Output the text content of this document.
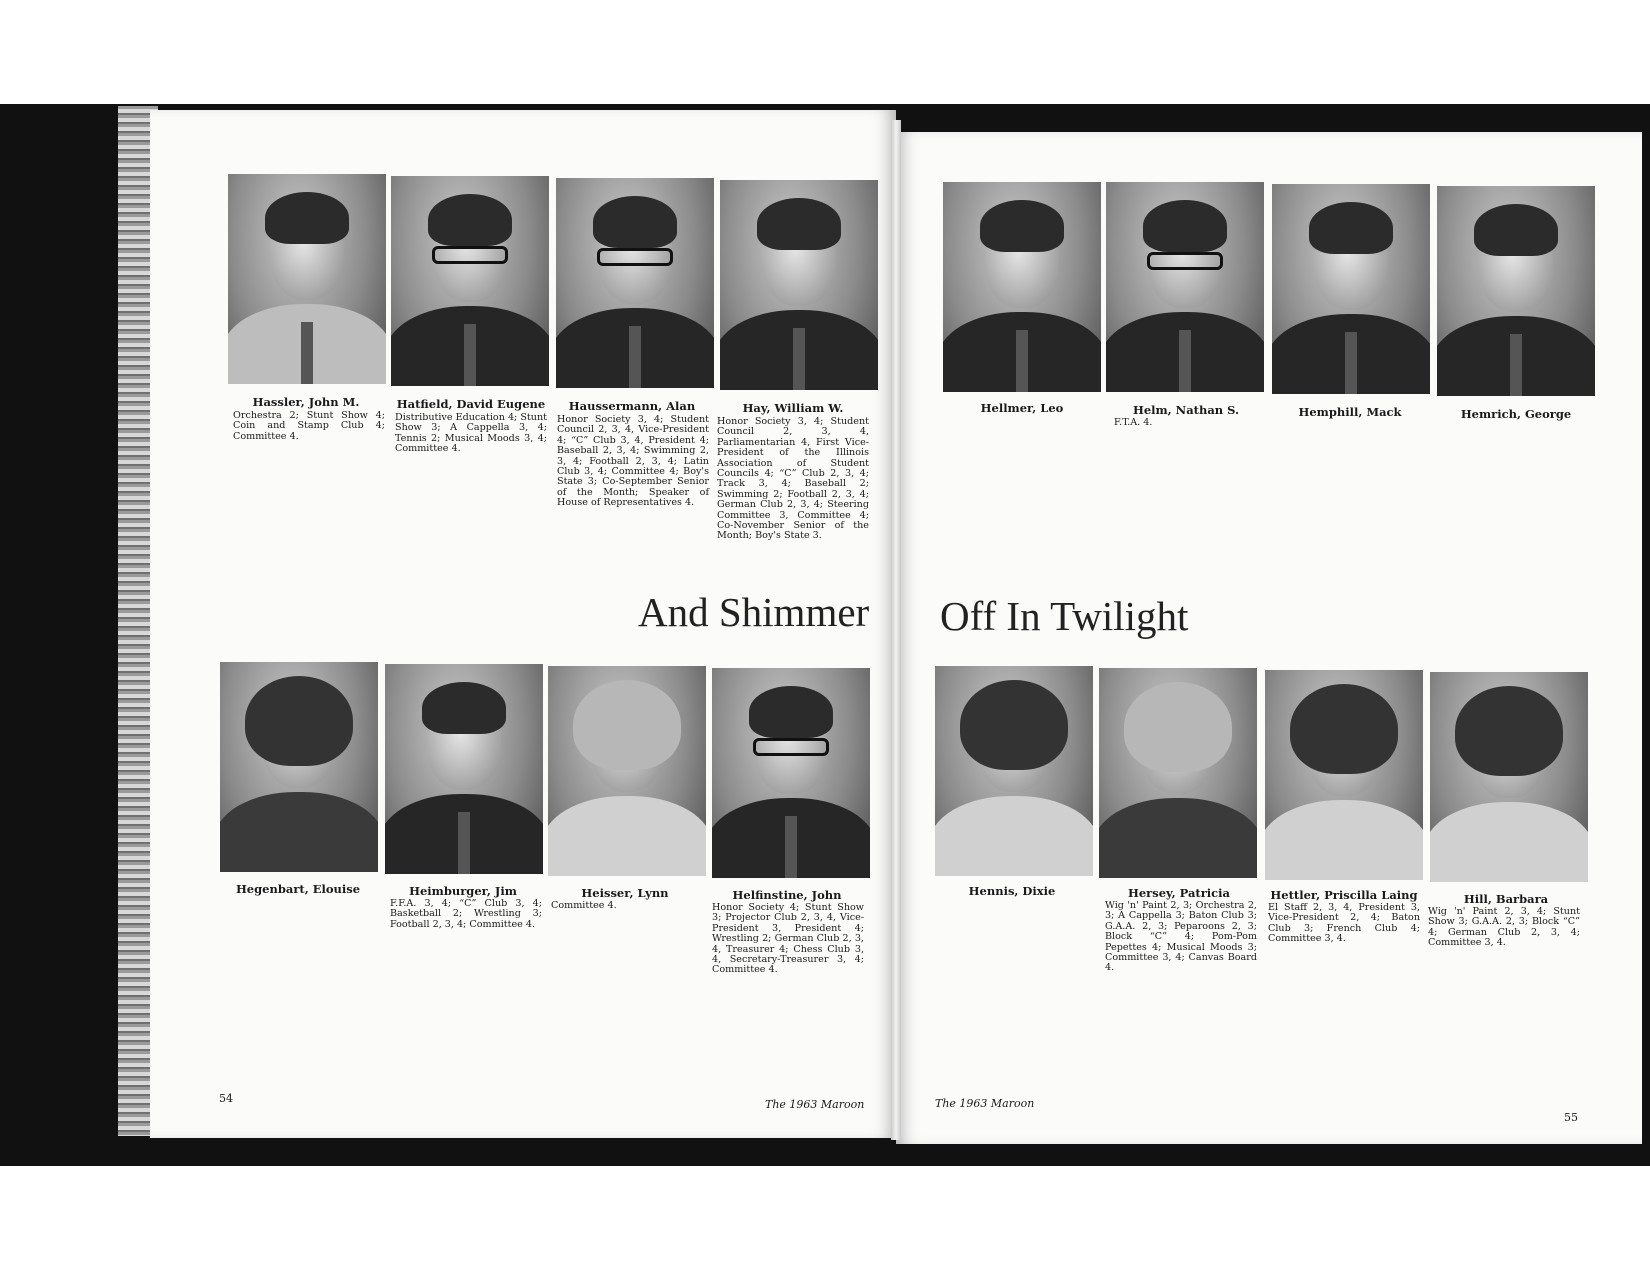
Hassler, John M.
Orchestra 2; Stunt Show 4; Coin and Stamp Club 4; Committee 4.
Hatfield, David Eugene
Distributive Education 4; Stunt Show 3; A Cappella 3, 4; Tennis 2; Musical Moods 3, 4; Committee 4.
Haussermann, Alan
Honor Society 3, 4; Student Council 2, 3, 4, Vice-President 4; “C” Club 3, 4, President 4; Baseball 2, 3, 4; Swimming 2, 3, 4; Football 2, 3, 4; Latin Club 3, 4; Committee 4; Boy's State 3; Co-September Senior of the Month; Speaker of House of Representatives 4.
Hay, William W.
Honor Society 3, 4; Student Council 2, 3, 4, Parliamentarian 4, First Vice-President of the Illinois Association of Student Councils 4; “C” Club 2, 3, 4; Track 3, 4; Baseball 2; Swimming 2; Football 2, 3, 4; German Club 2, 3, 4; Steering Committee 3, Committee 4; Co-November Senior of the Month; Boy's State 3.
Hellmer, Leo	Helm, Nathan S.
F.T.A. 4.
Hemphill, Mack	Hemrich, George
And Shimmer Off In Twilight
Hegenbart, Elouise	Heimburger, Jim
F.F.A. 3, 4; “C” Club 3, 4; Basketball 2; Wrestling 3; Football 2, 3, 4; Committee 4.
Heisser, Lynn
Committee 4.
Helfinstine, John
Honor Society 4; Stunt Show 3; Projector Club 2, 3, 4, Vice-President 3, President 4; Wrestling 2; German Club 2, 3, 4, Treasurer 4; Chess Club 3, 4, Secretary-Treasurer 3, 4; Committee 4.
Hennis, Dixie	Hersey, Patricia
Wig 'n' Paint 2, 3; Orchestra 2, 3; A Cappella 3; Baton Club 3; G.A.A. 2, 3; Peparoons 2, 3; Block “C” 4; Pom-Pom Pepettes 4; Musical Moods 3; Committee 3, 4; Canvas Board 4.
Hettler, Priscilla Laing
El Staff 2, 3, 4, President 3, Vice-President 2, 4; Baton Club 3; French Club 4; Committee 3, 4.
Hill, Barbara
Wig 'n' Paint 2, 3, 4; Stunt Show 3; G.A.A. 2, 3; Block “C” 4; German Club 2, 3, 4; Committee 3, 4.
54	The 1963 Maroon	The 1963 Maroon
55
